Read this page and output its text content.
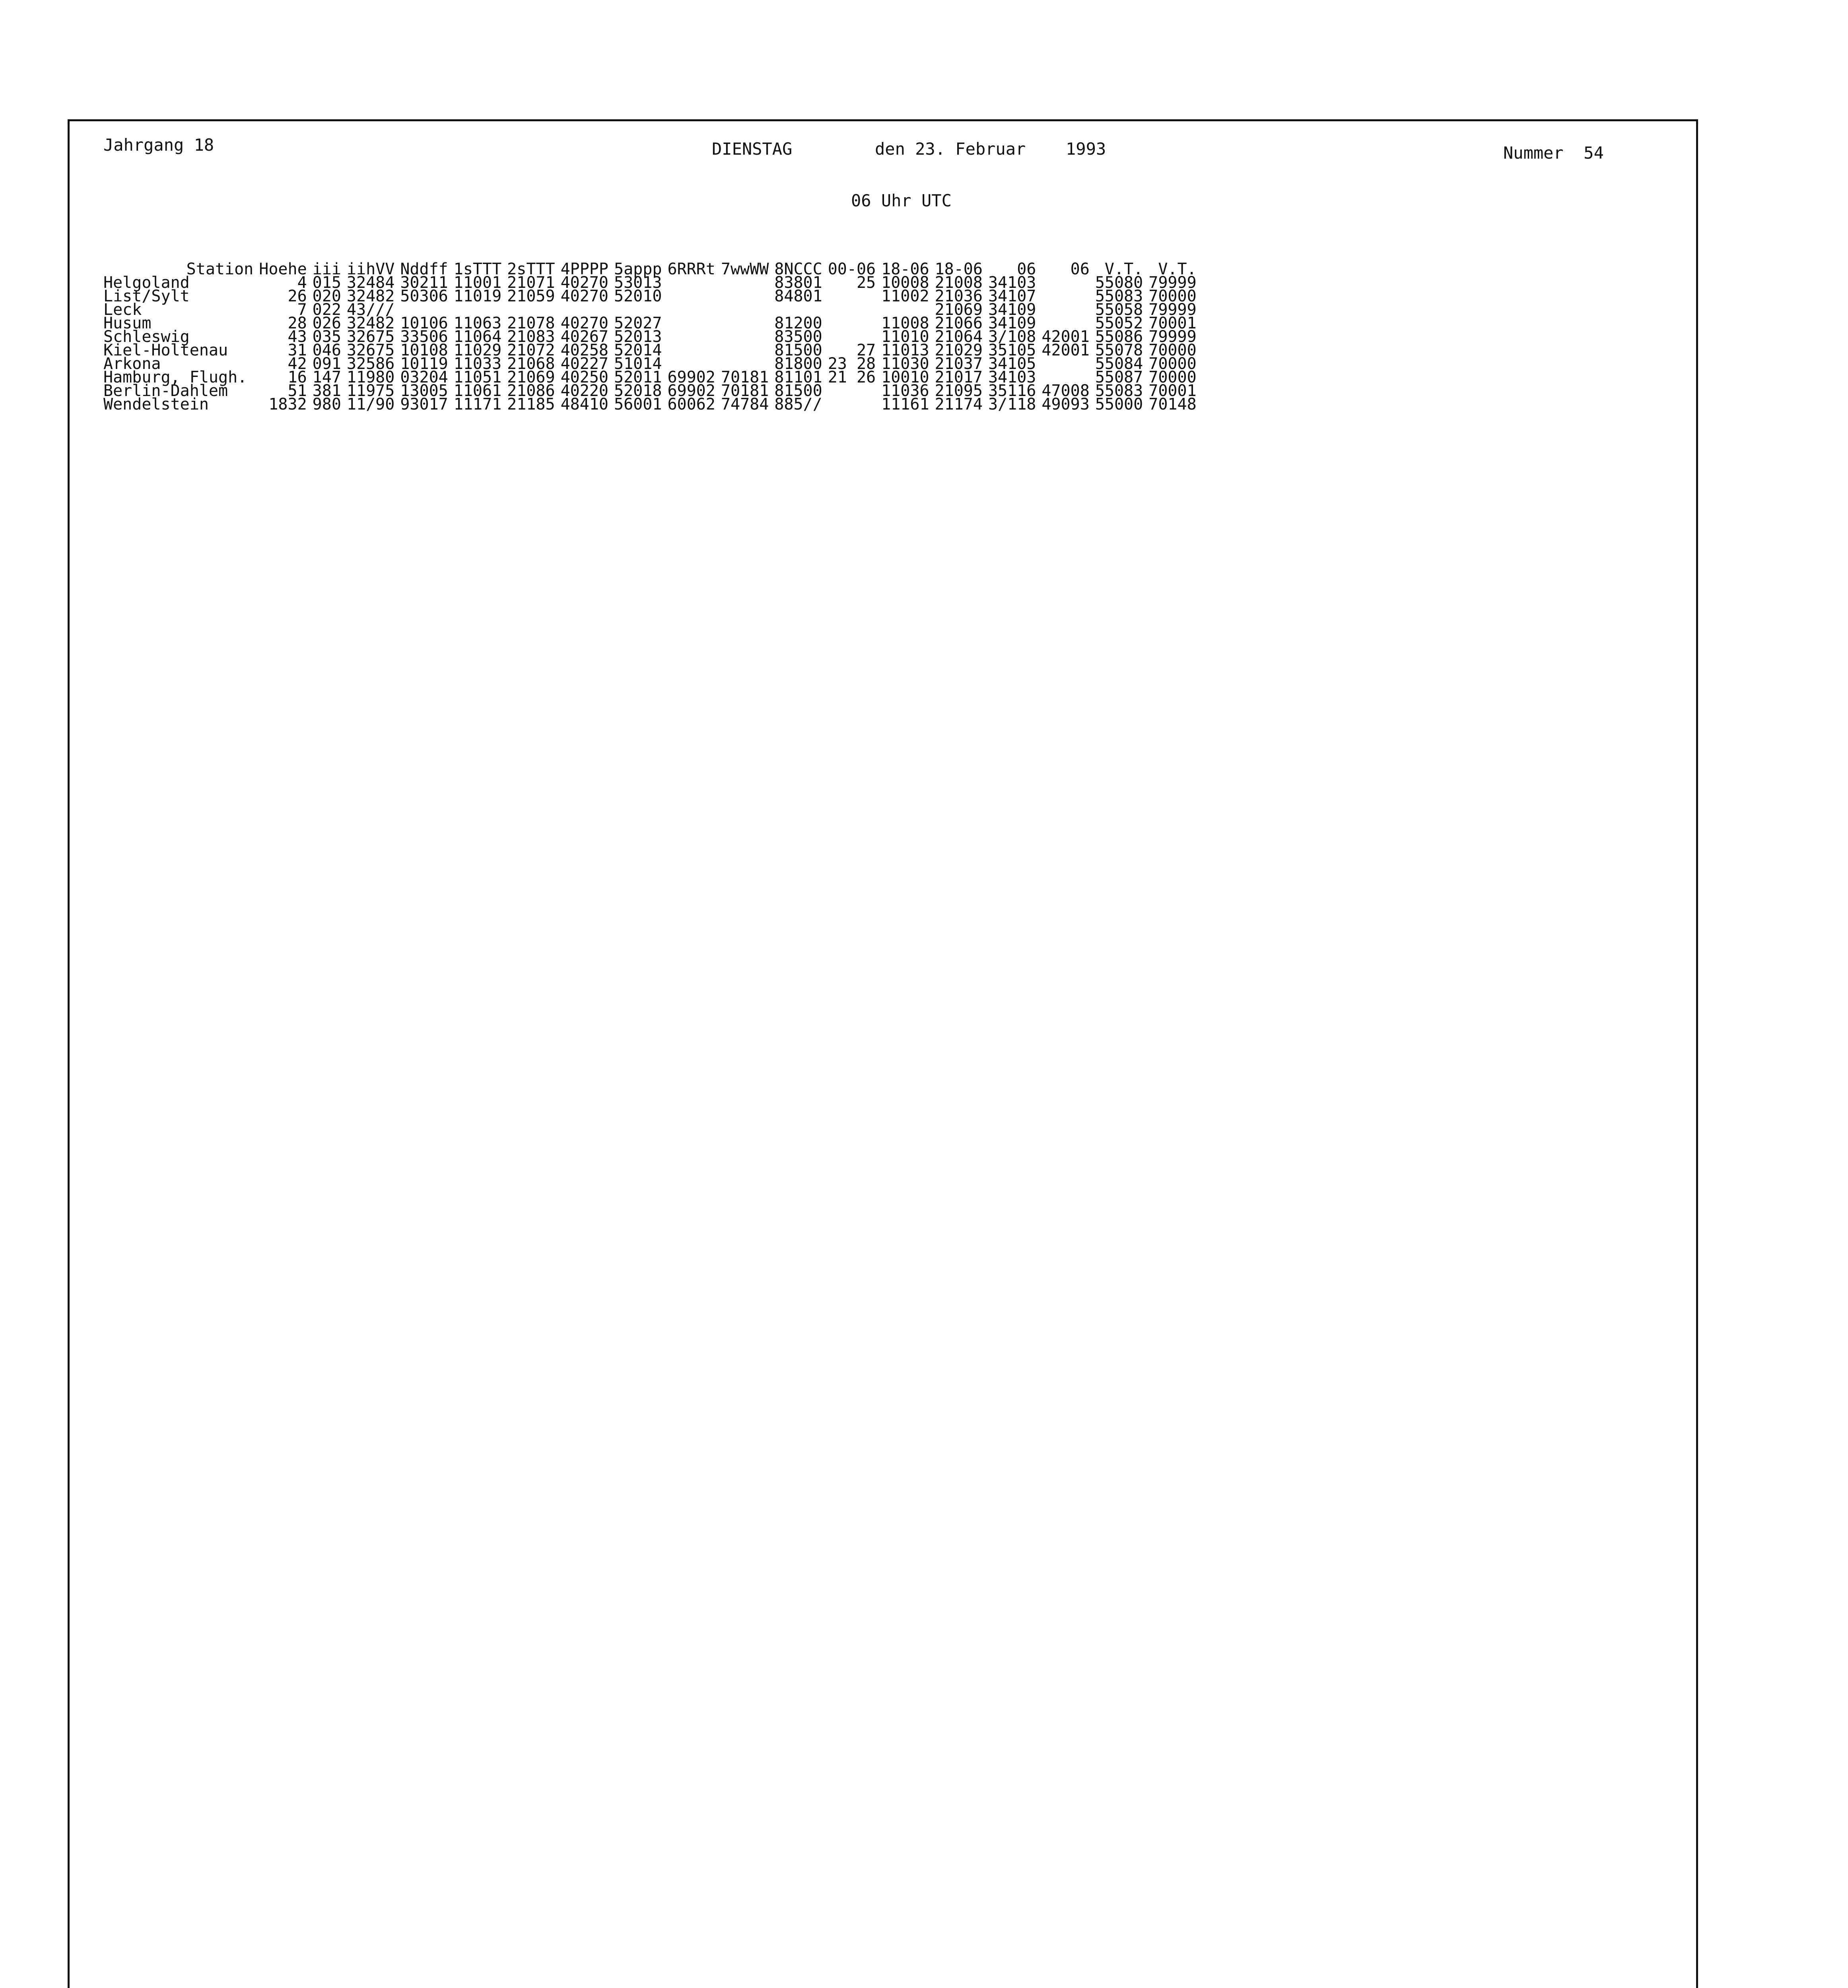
Jahrgang 18	DIENSTAG	den 23. Februar 1993	Nummer  54
06 Uhr UTC
Station	Hoehe	iii	iihVV	Nddff	1sTTT	2sTTT	4PPPP	5appp	6RRRt	7wwWW	8NCCC	00-06	18-06	18-06	06	06	V.T.	V.T.
Helgoland	4	015	32484	30211	11001	21071	40270	53013			83801	25	10008	21008	34103		55080	79999
List/Sylt	26	020	32482	50306	11019	21059	40270	52010			84801		11002	21036	34107		55083	70000
Leck	7	022	43///											21069	34109		55058	79999
Husum	28	026	32482	10106	11063	21078	40270	52027			81200		11008	21066	34109		55052	70001
Schleswig	43	035	32675	33506	11064	21083	40267	52013			83500		11010	21064	3/108	42001	55086	79999
Kiel-Holtenau	31	046	32675	10108	11029	21072	40258	52014			81500	27	11013	21029	35105	42001	55078	70000
Arkona	42	091	32586	10119	11033	21068	40227	51014			81800	23 28	11030	21037	34105		55084	70000
Hamburg, Flugh.	16	147	11980	03204	11051	21069	40250	52011	69902	70181	81101	21 26	10010	21017	34103		55087	70000
Berlin-Dahlem	51	381	11975	13005	11061	21086	40220	52018	69902	70181	81500		11036	21095	35116	47008	55083	70001
Wendelstein	1832	980	11/90	93017	11171	21185	48410	56001	60062	74784	885//		11161	21174	3/118	49093	55000	70148
